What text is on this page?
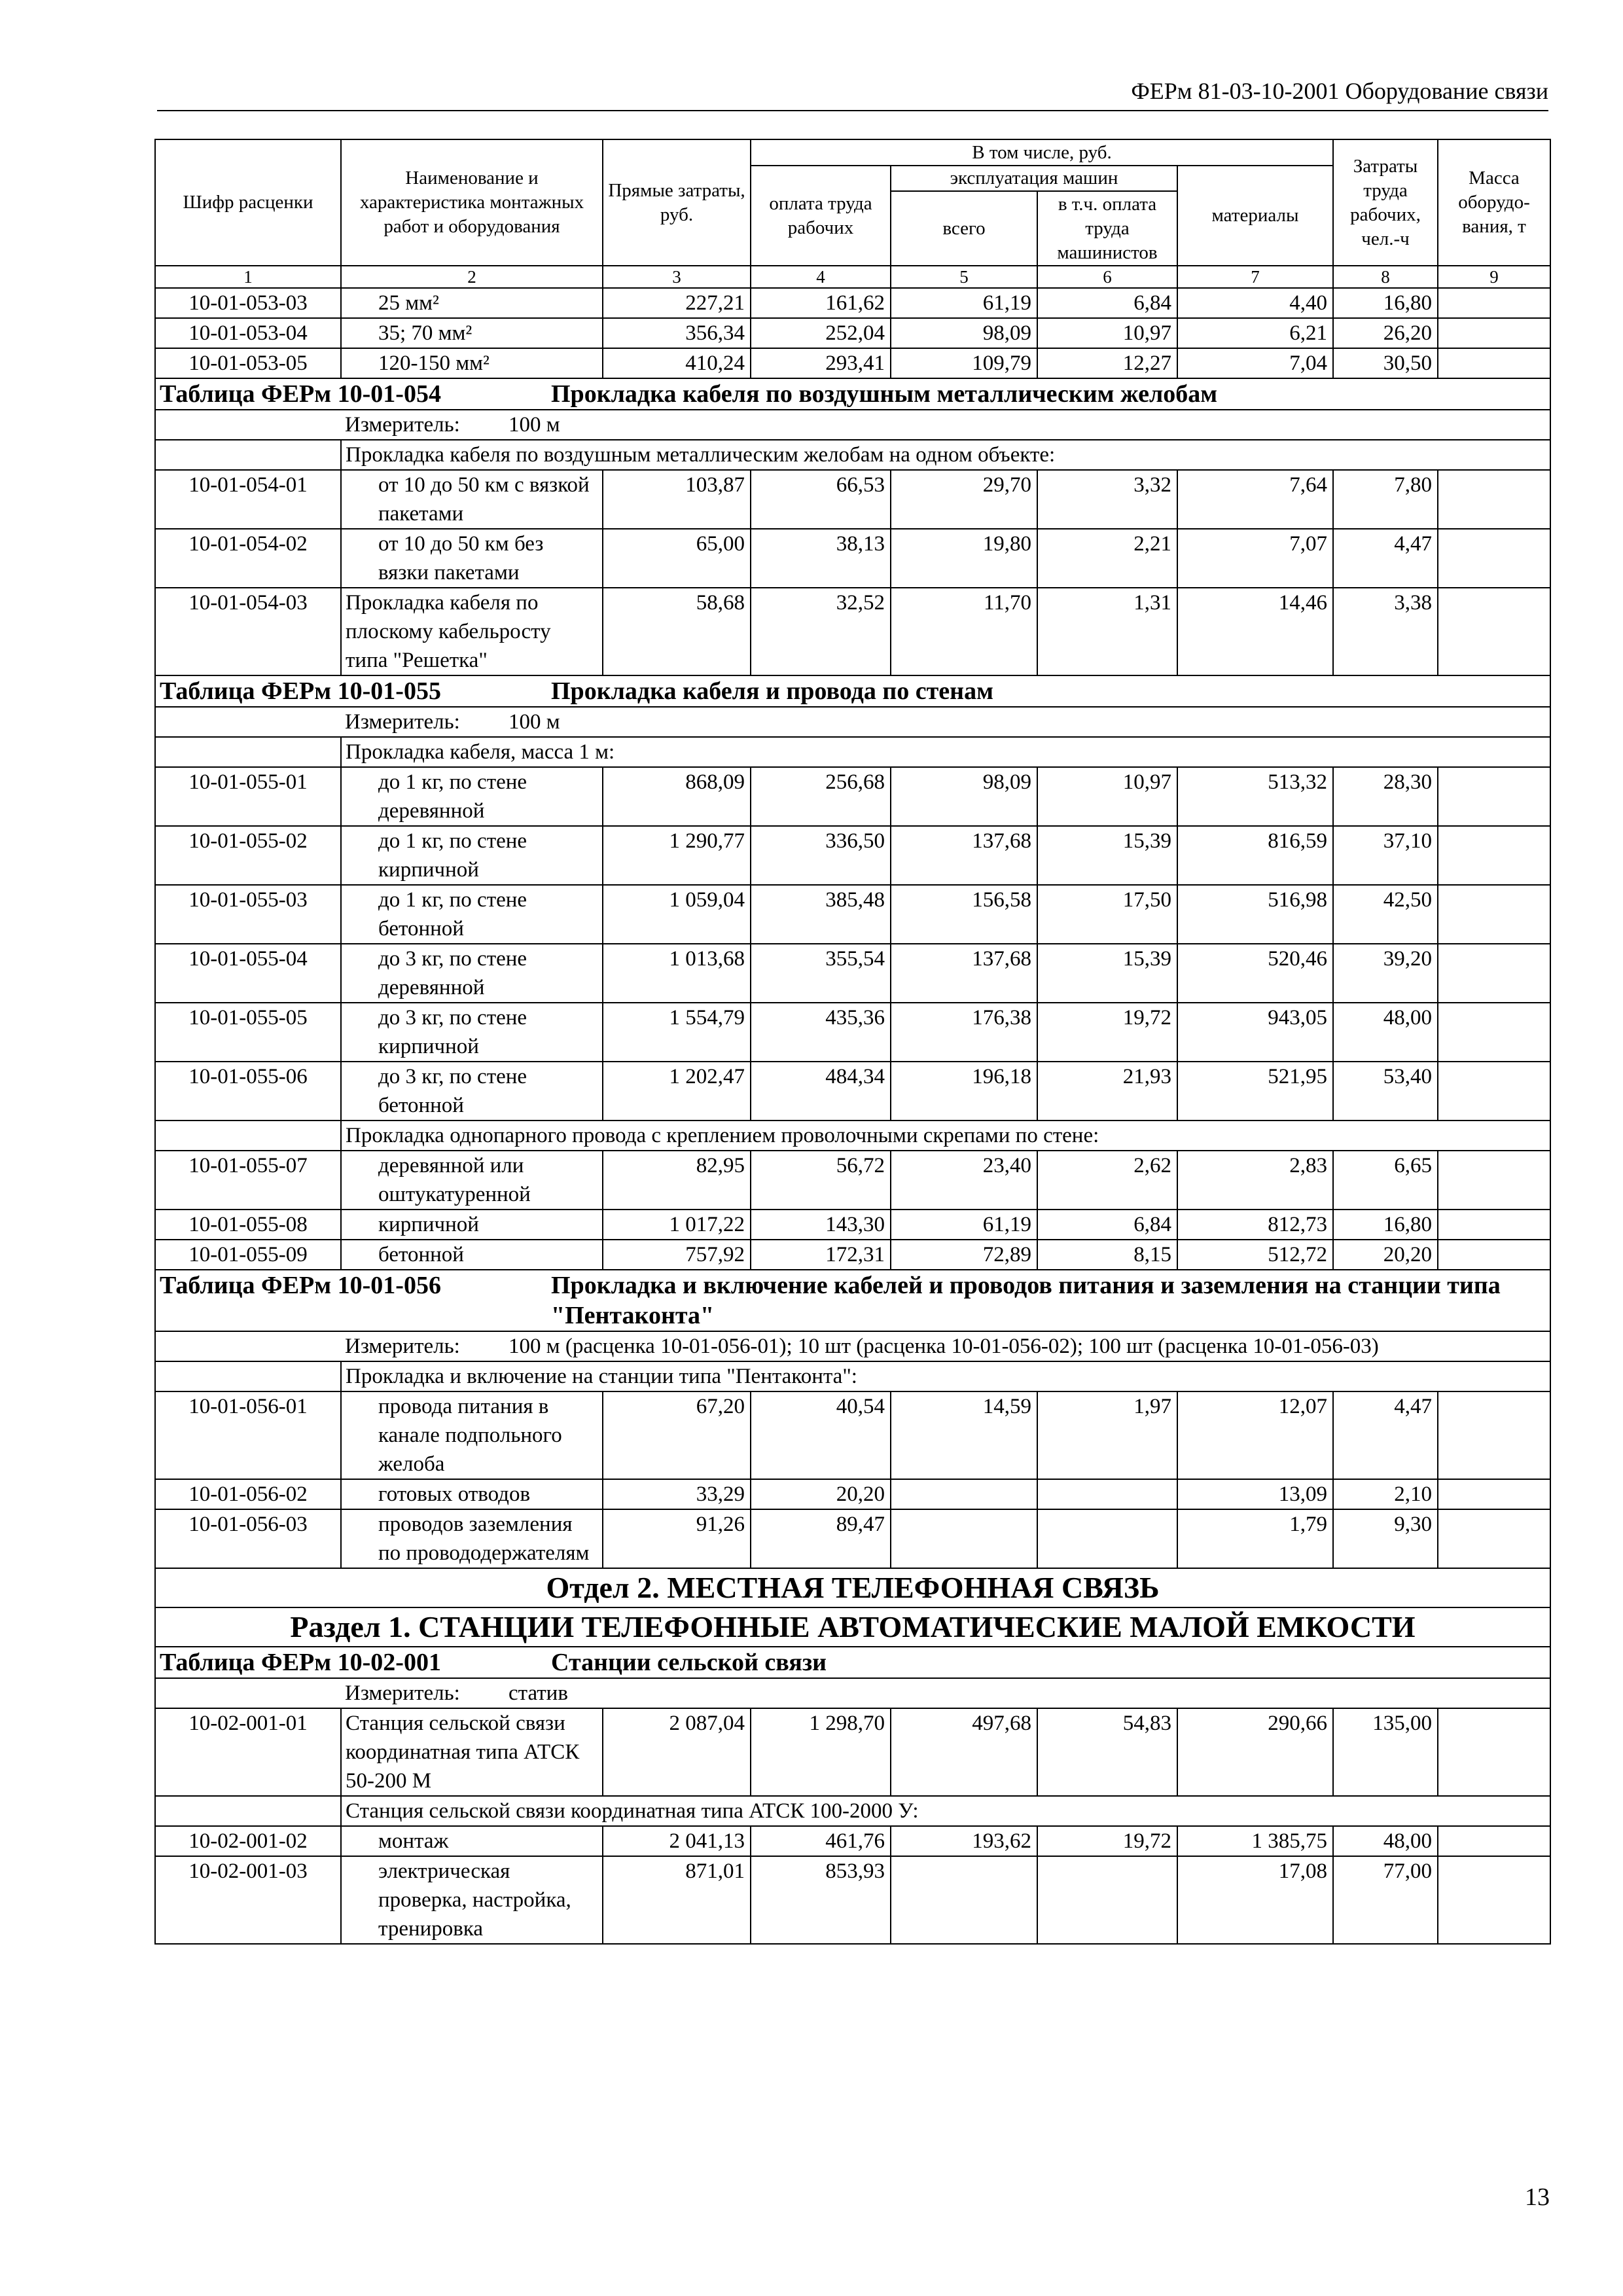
ФЕРм 81-03-10-2001 Оборудование связи
Шифр расценки	Наименование и характеристика монтажных работ и оборудования	Прямые затраты, руб.	В том числе, руб.				Затраты труда рабочих, чел.-ч	Масса оборудо-вания, т
			оплата труда рабочих	эксплуатация машин		материалы		
				всего	в т.ч. оплата труда машинистов			
1	2	3	4	5	6	7	8	9
10-01-053-03	25 мм²	227,21	161,62	61,19	6,84	4,40	16,80	
10-01-053-04	35; 70 мм²	356,34	252,04	98,09	10,97	6,21	26,20	
10-01-053-05	120-150 мм²	410,24	293,41	109,79	12,27	7,04	30,50	
Таблица ФЕРм 10-01-054 Прокладка кабеля по воздушным металлическим желобам								
	Измеритель: 100 м							
	Прокладка кабеля по воздушным металлическим желобам на одном объекте:							
10-01-054-01	от 10 до 50 км с вязкой пакетами	103,87	66,53	29,70	3,32	7,64	7,80	
10-01-054-02	от 10 до 50 км без вязки пакетами	65,00	38,13	19,80	2,21	7,07	4,47	
10-01-054-03	Прокладка кабеля по плоскому кабельросту типа "Решетка"	58,68	32,52	11,70	1,31	14,46	3,38	
Таблица ФЕРм 10-01-055 Прокладка кабеля и провода по стенам								
	Измеритель: 100 м							
	Прокладка кабеля, масса 1 м:							
10-01-055-01	до 1 кг, по стене деревянной	868,09	256,68	98,09	10,97	513,32	28,30	
10-01-055-02	до 1 кг, по стене кирпичной	1 290,77	336,50	137,68	15,39	816,59	37,10	
10-01-055-03	до 1 кг, по стене бетонной	1 059,04	385,48	156,58	17,50	516,98	42,50	
10-01-055-04	до 3 кг, по стене деревянной	1 013,68	355,54	137,68	15,39	520,46	39,20	
10-01-055-05	до 3 кг, по стене кирпичной	1 554,79	435,36	176,38	19,72	943,05	48,00	
10-01-055-06	до 3 кг, по стене бетонной	1 202,47	484,34	196,18	21,93	521,95	53,40	
	Прокладка однопарного провода с креплением проволочными скрепами по стене:							
10-01-055-07	деревянной или оштукатуренной	82,95	56,72	23,40	2,62	2,83	6,65	
10-01-055-08	кирпичной	1 017,22	143,30	61,19	6,84	812,73	16,80	
10-01-055-09	бетонной	757,92	172,31	72,89	8,15	512,72	20,20	
Таблица ФЕРм 10-01-056 Прокладка и включение кабелей и проводов питания и заземления на станции типа "Пентаконта"								
	Измеритель: 100 м (расценка 10-01-056-01); 10 шт (расценка 10-01-056-02); 100 шт (расценка 10-01-056-03)							
	Прокладка и включение на станции типа "Пентаконта":							
10-01-056-01	провода питания в канале подпольного желоба	67,20	40,54	14,59	1,97	12,07	4,47	
10-01-056-02	готовых отводов	33,29	20,20			13,09	2,10	
10-01-056-03	проводов заземления по провододержателям	91,26	89,47			1,79	9,30	
Отдел 2. МЕСТНАЯ ТЕЛЕФОННАЯ СВЯЗЬ								
Раздел 1. СТАНЦИИ ТЕЛЕФОННЫЕ АВТОМАТИЧЕСКИЕ МАЛОЙ ЕМКОСТИ								
Таблица ФЕРм 10-02-001 Станции сельской связи								
	Измеритель: статив							
10-02-001-01	Станция сельской связи координатная типа АТСК 50-200 М	2 087,04	1 298,70	497,68	54,83	290,66	135,00	
	Станция сельской связи координатная типа АТСК 100-2000 У:							
10-02-001-02	монтаж	2 041,13	461,76	193,62	19,72	1 385,75	48,00	
10-02-001-03	электрическая проверка, настройка, тренировка	871,01	853,93			17,08	77,00	
13
